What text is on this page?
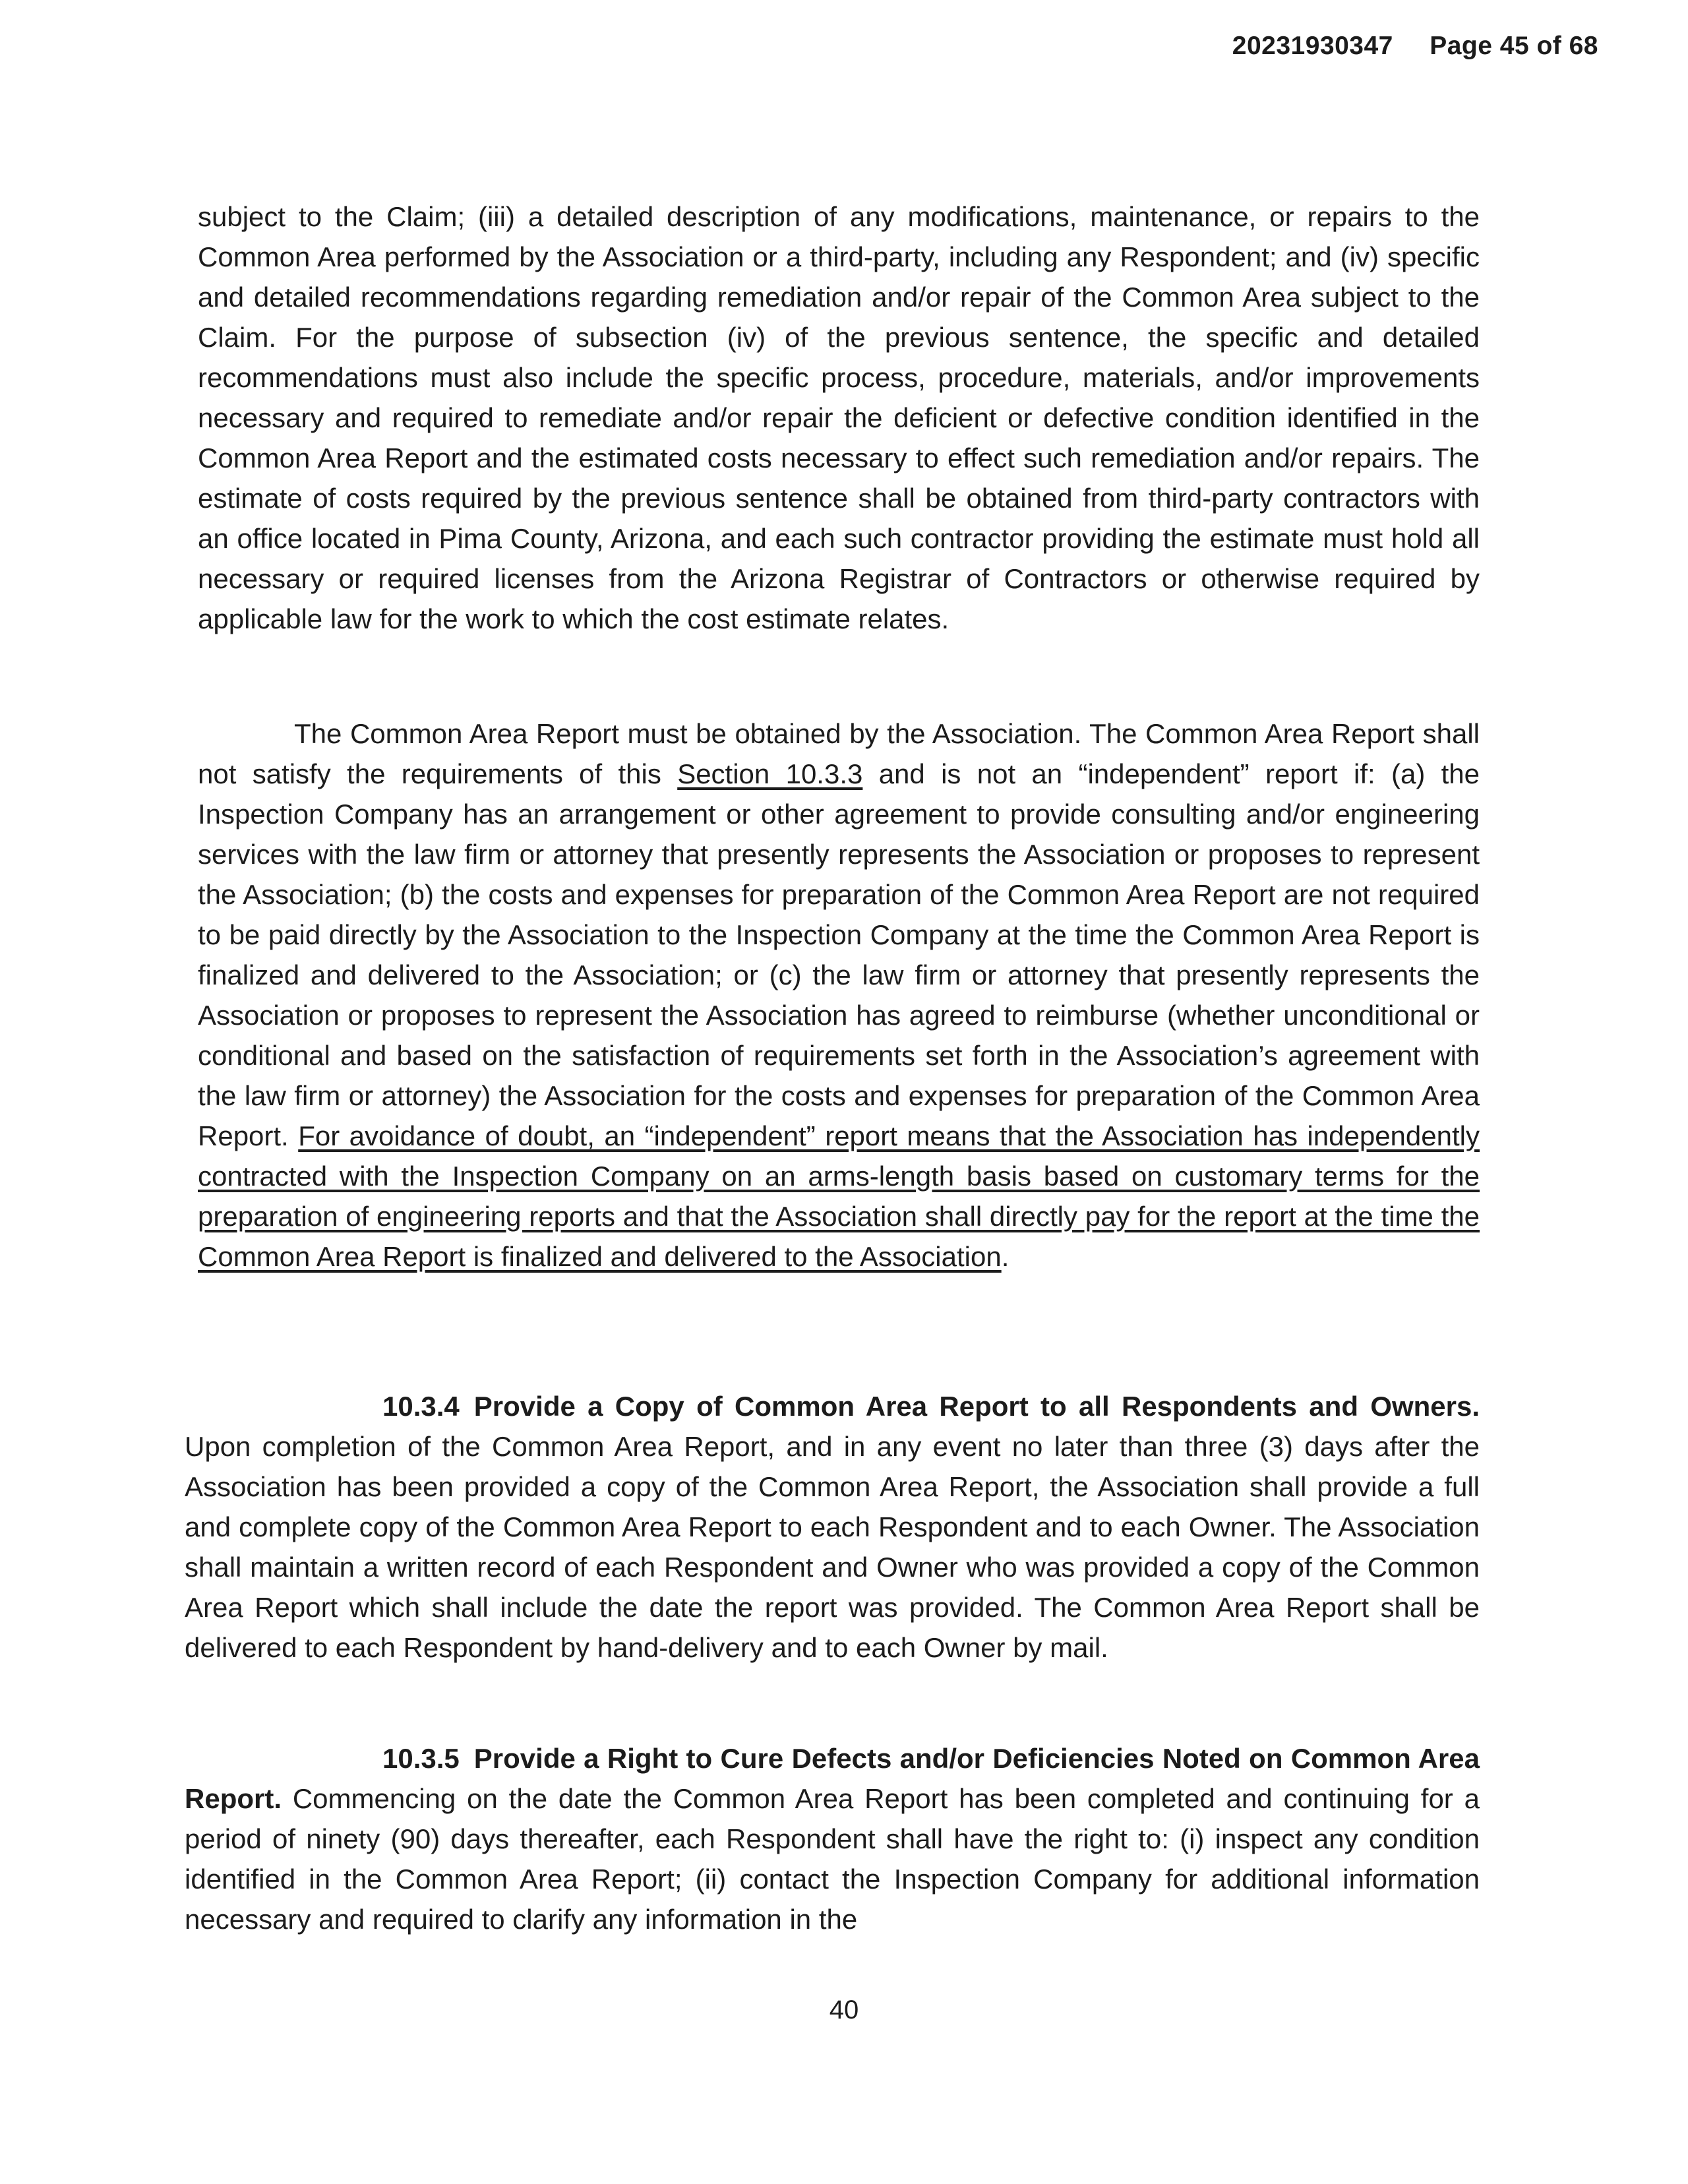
20231930347 Page 45 of 68
subject to the Claim; (iii) a detailed description of any modifications, maintenance, or repairs to the Common Area performed by the Association or a third-party, including any Respondent; and (iv) specific and detailed recommendations regarding remediation and/or repair of the Common Area subject to the Claim. For the purpose of subsection (iv) of the previous sentence, the specific and detailed recommendations must also include the specific process, procedure, materials, and/or improvements necessary and required to remediate and/or repair the deficient or defective condition identified in the Common Area Report and the estimated costs necessary to effect such remediation and/or repairs. The estimate of costs required by the previous sentence shall be obtained from third-party contractors with an office located in Pima County, Arizona, and each such contractor providing the estimate must hold all necessary or required licenses from the Arizona Registrar of Contractors or otherwise required by applicable law for the work to which the cost estimate relates.
The Common Area Report must be obtained by the Association. The Common Area Report shall not satisfy the requirements of this Section 10.3.3 and is not an “independent” report if: (a) the Inspection Company has an arrangement or other agreement to provide consulting and/or engineering services with the law firm or attorney that presently represents the Association or proposes to represent the Association; (b) the costs and expenses for preparation of the Common Area Report are not required to be paid directly by the Association to the Inspection Company at the time the Common Area Report is finalized and delivered to the Association; or (c) the law firm or attorney that presently represents the Association or proposes to represent the Association has agreed to reimburse (whether unconditional or conditional and based on the satisfaction of requirements set forth in the Association’s agreement with the law firm or attorney) the Association for the costs and expenses for preparation of the Common Area Report. For avoidance of doubt, an “independent” report means that the Association has independently contracted with the Inspection Company on an arms-length basis based on customary terms for the preparation of engineering reports and that the Association shall directly pay for the report at the time the Common Area Report is finalized and delivered to the Association.
10.3.4 Provide a Copy of Common Area Report to all Respondents and Owners. Upon completion of the Common Area Report, and in any event no later than three (3) days after the Association has been provided a copy of the Common Area Report, the Association shall provide a full and complete copy of the Common Area Report to each Respondent and to each Owner. The Association shall maintain a written record of each Respondent and Owner who was provided a copy of the Common Area Report which shall include the date the report was provided. The Common Area Report shall be delivered to each Respondent by hand-delivery and to each Owner by mail.
10.3.5 Provide a Right to Cure Defects and/or Deficiencies Noted on Common Area Report. Commencing on the date the Common Area Report has been completed and continuing for a period of ninety (90) days thereafter, each Respondent shall have the right to: (i) inspect any condition identified in the Common Area Report; (ii) contact the Inspection Company for additional information necessary and required to clarify any information in the
40
